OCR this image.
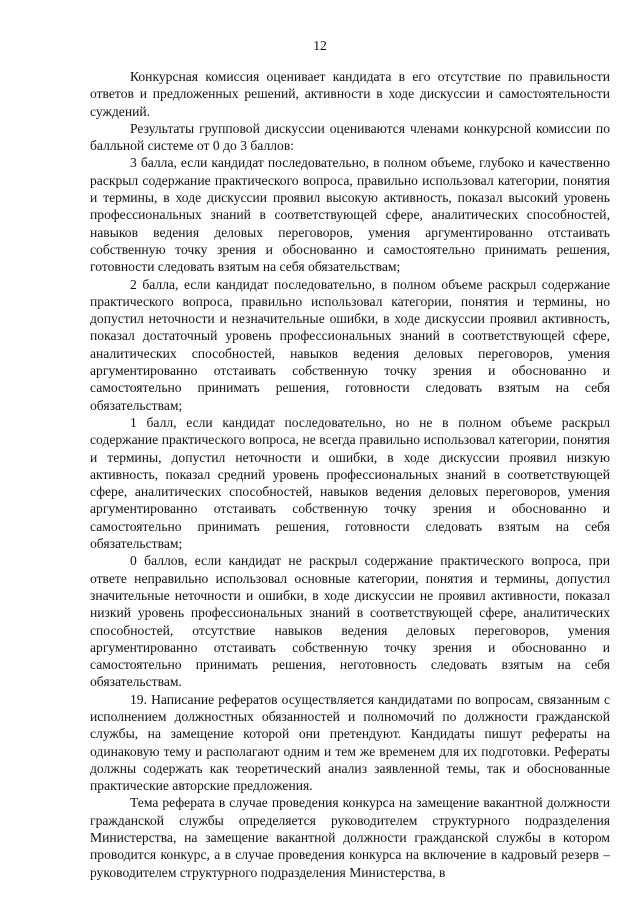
12

Конкурсная комиссия оценивает кандидата в его отсутствие по правильности ответов и предложенных решений, активности в ходе дискуссии и самостоятельности суждений.

Результаты групповой дискуссии оцениваются членами конкурсной комиссии по балльной системе от 0 до 3 баллов:

3 балла, если кандидат последовательно, в полном объеме, глубоко и качественно раскрыл содержание практического вопроса, правильно использовал категории, понятия и термины, в ходе дискуссии проявил высокую активность, показал высокий уровень профессиональных знаний в соответствующей сфере, аналитических способностей, навыков ведения деловых переговоров, умения аргументированно отстаивать собственную точку зрения и обоснованно и самостоятельно принимать решения, готовности следовать взятым на себя обязательствам;

2 балла, если кандидат последовательно, в полном объеме раскрыл содержание практического вопроса, правильно использовал категории, понятия и термины, но допустил неточности и незначительные ошибки, в ходе дискуссии проявил активность, показал достаточный уровень профессиональных знаний в соответствующей сфере, аналитических способностей, навыков ведения деловых переговоров, умения аргументированно отстаивать собственную точку зрения и обоснованно и самостоятельно принимать решения, готовности следовать взятым на себя обязательствам;

1 балл, если кандидат последовательно, но не в полном объеме раскрыл содержание практического вопроса, не всегда правильно использовал категории, понятия и термины, допустил неточности и ошибки, в ходе дискуссии проявил низкую активность, показал средний уровень профессиональных знаний в соответствующей сфере, аналитических способностей, навыков ведения деловых переговоров, умения аргументированно отстаивать собственную точку зрения и обоснованно и самостоятельно принимать решения, готовности следовать взятым на себя обязательствам;

0 баллов, если кандидат не раскрыл содержание практического вопроса, при ответе неправильно использовал основные категории, понятия и термины, допустил значительные неточности и ошибки, в ходе дискуссии не проявил активности, показал низкий уровень профессиональных знаний в соответствующей сфере, аналитических способностей, отсутствие навыков ведения деловых переговоров, умения аргументированно отстаивать собственную точку зрения и обоснованно и самостоятельно принимать решения, неготовность следовать взятым на себя обязательствам.

19. Написание рефератов осуществляется кандидатами по вопросам, связанным с исполнением должностных обязанностей и полномочий по должности гражданской службы, на замещение которой они претендуют. Кандидаты пишут рефераты на одинаковую тему и располагают одним и тем же временем для их подготовки. Рефераты должны содержать как теоретический анализ заявленной темы, так и обоснованные практические авторские предложения.

Тема реферата в случае проведения конкурса на замещение вакантной должности гражданской службы определяется руководителем структурного подразделения Министерства, на замещение вакантной должности гражданской службы в котором проводится конкурс, а в случае проведения конкурса на включение в кадровый резерв – руководителем структурного подразделения Министерства, в
